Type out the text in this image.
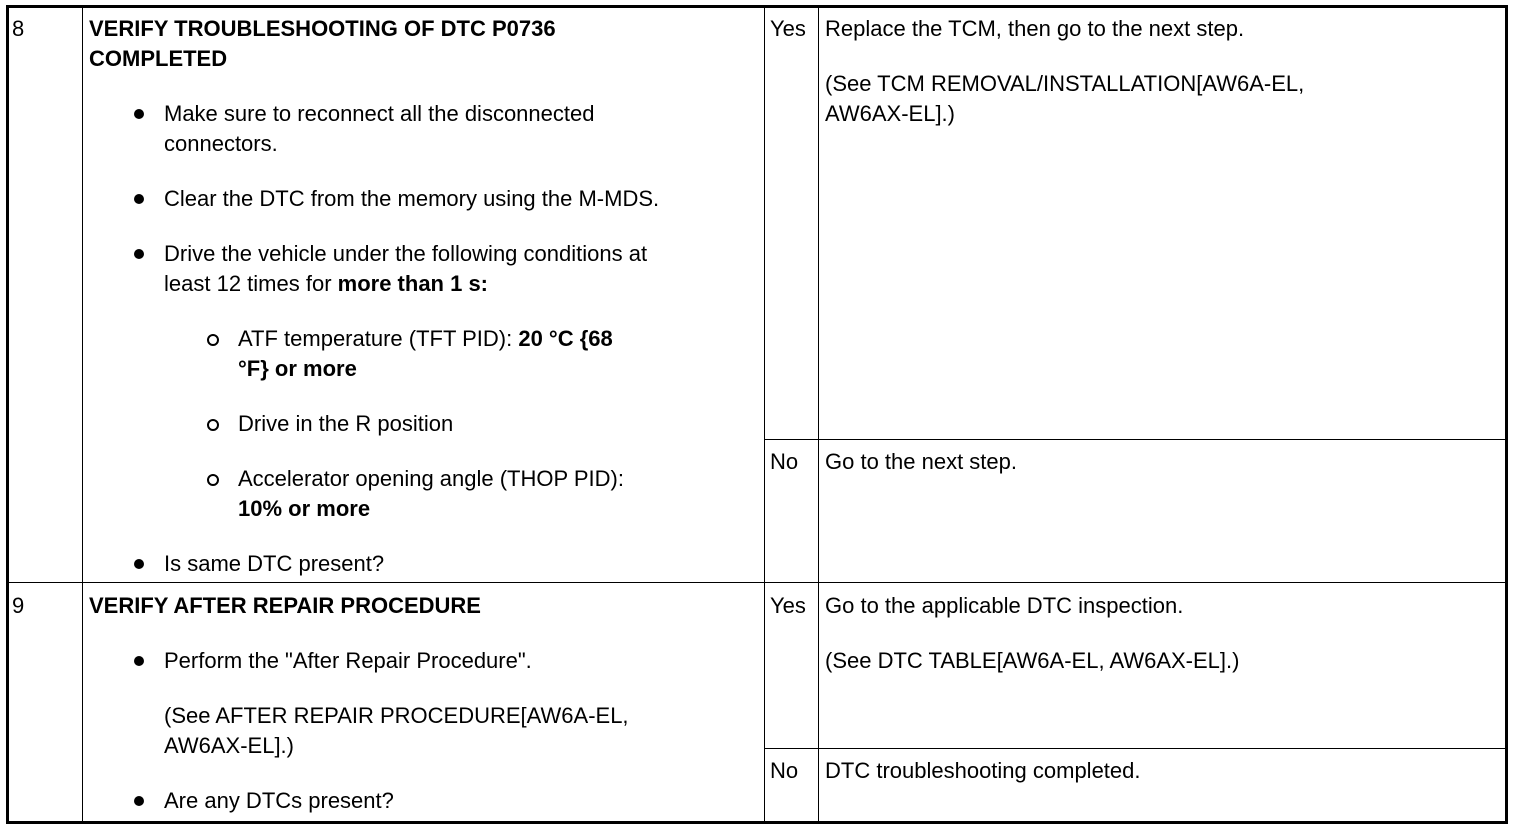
8	VERIFY TROUBLESHOOTING OF DTC P0736
COMPLETED
Make sure to reconnect all the disconnected
connectors.
Clear the DTC from the memory using the M-MDS.
Drive the vehicle under the following conditions at
least 12 times for more than 1 s:
ATF temperature (TFT PID): 20 °C {68
°F} or more
Drive in the R position
Accelerator opening angle (THOP PID):
10% or more
Is same DTC present?
Yes Replace the TCM, then go to the next step.
(See TCM REMOVAL/INSTALLATION[AW6A-EL,
AW6AX-EL].)
No Go to the next step.
9	VERIFY AFTER REPAIR PROCEDURE
Perform the "After Repair Procedure".
(See AFTER REPAIR PROCEDURE[AW6A-EL,
AW6AX-EL].)
Are any DTCs present?
Yes Go to the applicable DTC inspection.
(See DTC TABLE[AW6A-EL, AW6AX-EL].)
No DTC troubleshooting completed.
